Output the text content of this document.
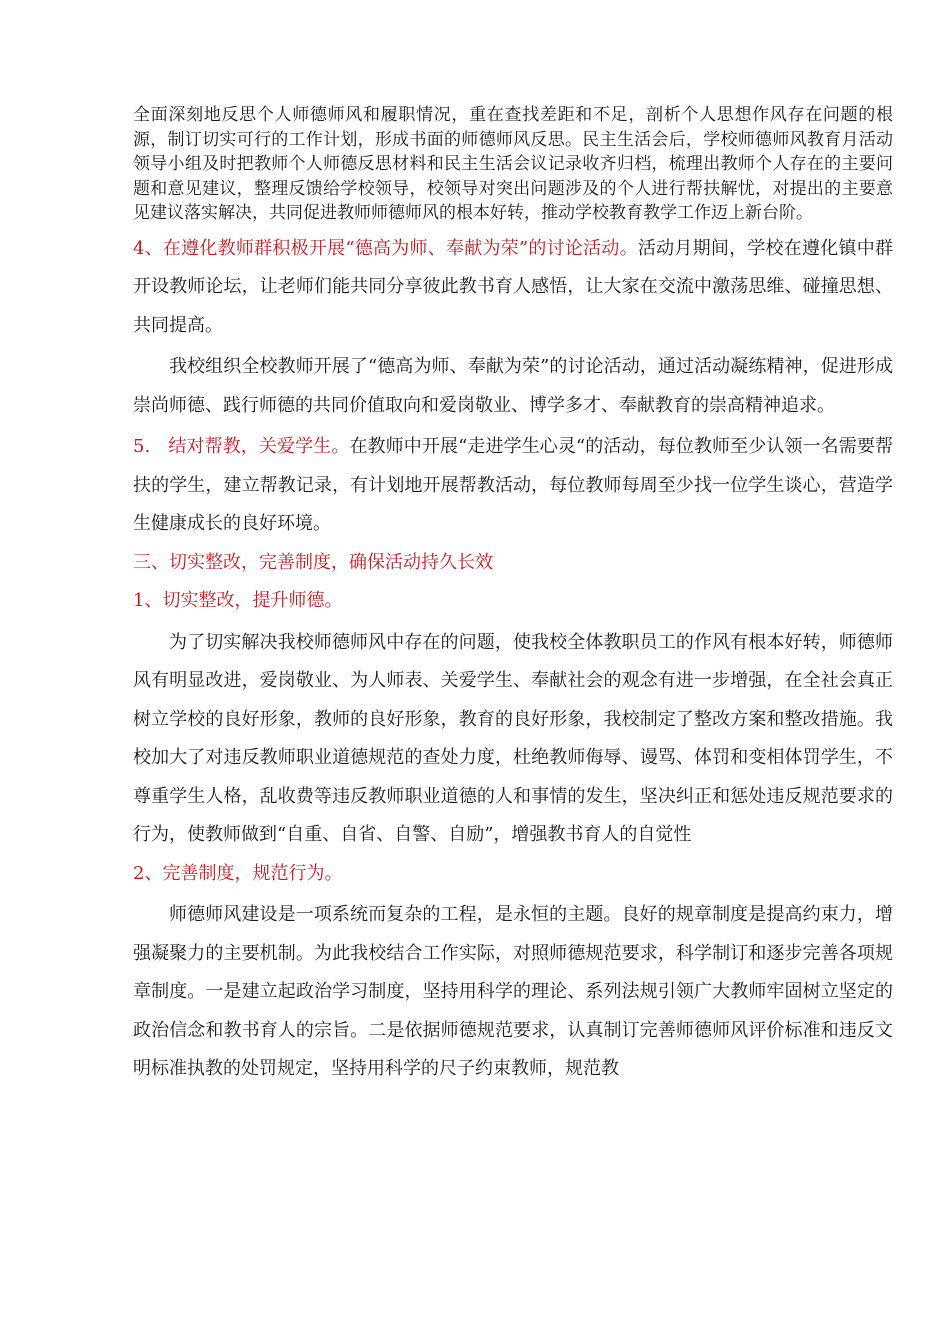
全面深刻地反思个人师德师风和履职情况，重在查找差距和不足，剖析个人思想作风存在问题的根源，制订切实可行的工作计划，形成书面的师德师风反思。民主生活会后，学校师德师风教育月活动领导小组及时把教师个人师德反思材料和民主生活会议记录收齐归档，梳理出教师个人存在的主要问题和意见建议，整理反馈给学校领导，校领导对突出问题涉及的个人进行帮扶解忧，对提出的主要意见建议落实解决，共同促进教师师德师风的根本好转，推动学校教育教学工作迈上新台阶。

4、在遵化教师群积极开展“德高为师、奉献为荣”的讨论活动。活动月期间，学校在遵化镇中群开设教师论坛，让老师们能共同分享彼此教书育人感悟，让大家在交流中激荡思维、碰撞思想、共同提高。

我校组织全校教师开展了“德高为师、奉献为荣”的讨论活动，通过活动凝练精神，促进形成崇尚师德、践行师德的共同价值取向和爱岗敬业、博学多才、奉献教育的崇高精神追求。

5.　结对帮教，关爱学生。在教师中开展“走进学生心灵“的活动，每位教师至少认领一名需要帮扶的学生，建立帮教记录，有计划地开展帮教活动，每位教师每周至少找一位学生谈心，营造学生健康成长的良好环境。

三、切实整改，完善制度，确保活动持久长效

1、切实整改，提升师德。

为了切实解决我校师德师风中存在的问题，使我校全体教职员工的作风有根本好转，师德师风有明显改进，爱岗敬业、为人师表、关爱学生、奉献社会的观念有进一步增强，在全社会真正树立学校的良好形象，教师的良好形象，教育的良好形象，我校制定了整改方案和整改措施。我校加大了对违反教师职业道德规范的查处力度，杜绝教师侮辱、谩骂、体罚和变相体罚学生，不尊重学生人格，乱收费等违反教师职业道德的人和事情的发生，坚决纠正和惩处违反规范要求的行为，使教师做到“自重、自省、自警、自励”，增强教书育人的自觉性

2、完善制度，规范行为。

师德师风建设是一项系统而复杂的工程，是永恒的主题。良好的规章制度是提高约束力，增强凝聚力的主要机制。为此我校结合工作实际，对照师德规范要求，科学制订和逐步完善各项规章制度。一是建立起政治学习制度，坚持用科学的理论、系列法规引领广大教师牢固树立坚定的政治信念和教书育人的宗旨。二是依据师德规范要求，认真制订完善师德师风评价标准和违反文明标准执教的处罚规定，坚持用科学的尺子约束教师，规范教
